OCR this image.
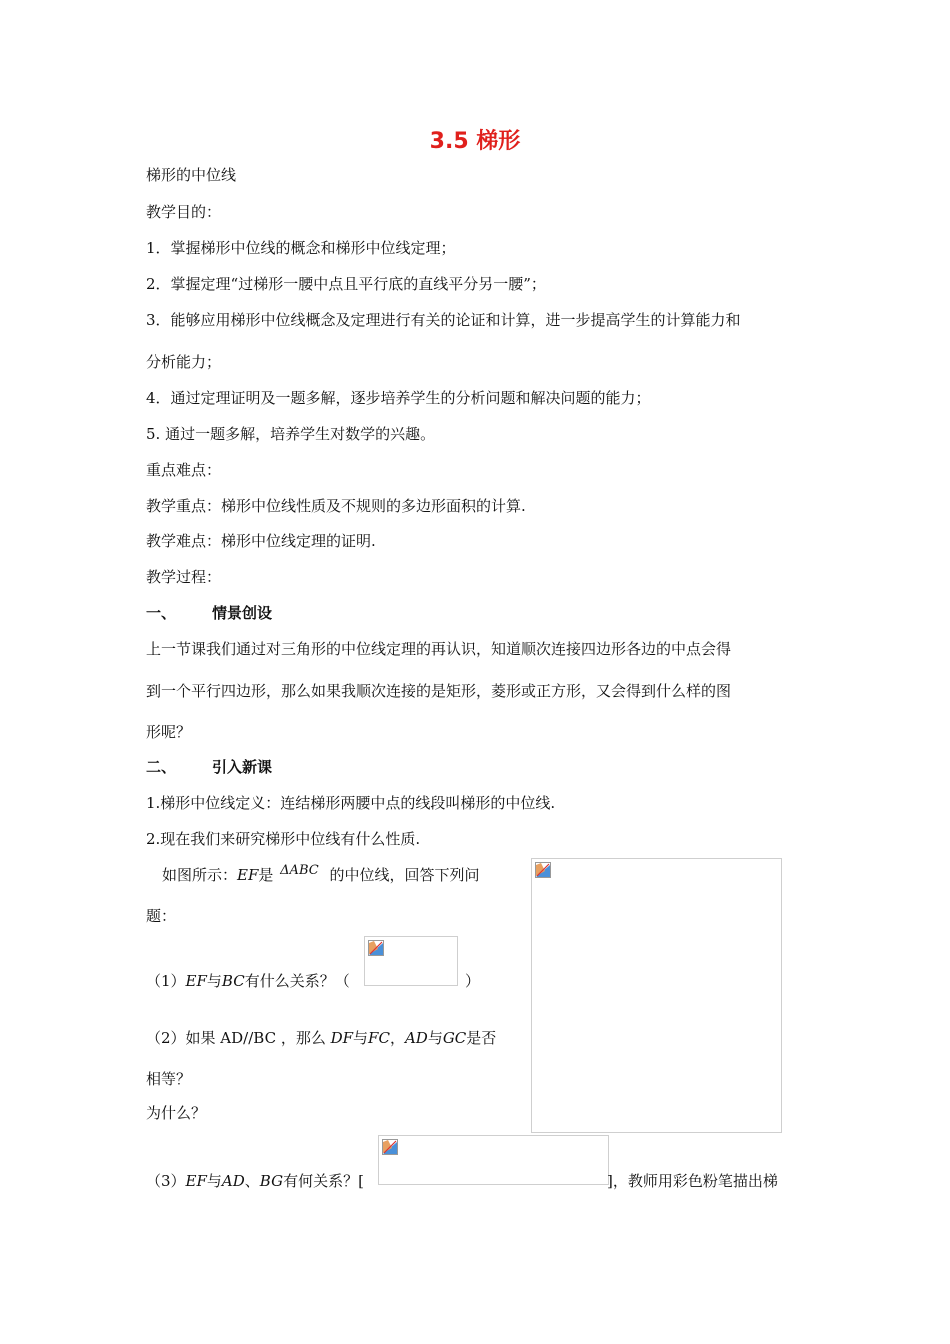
3.5 梯形
梯形的中位线
教学目的：
1．掌握梯形中位线的概念和梯形中位线定理；
2．掌握定理“过梯形一腰中点且平行底的直线平分另一腰”；
3．能够应用梯形中位线概念及定理进行有关的论证和计算，进一步提高学生的计算能力和
分析能力；
4．通过定理证明及一题多解，逐步培养学生的分析问题和解决问题的能力；
5. 通过一题多解，培养学生对数学的兴趣。
重点难点：
教学重点：梯形中位线性质及不规则的多边形面积的计算.
教学难点：梯形中位线定理的证明.
教学过程：
一、 情景创设
上一节课我们通过对三角形的中位线定理的再认识，知道顺次连接四边形各边的中点会得
到一个平行四边形，那么如果我顺次连接的是矩形，菱形或正方形，又会得到什么样的图
形呢？
二、 引入新课
1.梯形中位线定义：连结梯形两腰中点的线段叫梯形的中位线.
2.现在我们来研究梯形中位线有什么性质.
如图所示：EF是 ΔABC 的中位线，回答下列问
题：
（1）EF与BC有什么关系？（	）
（2）如果 AD//BC ，那么 DF与FC，AD与GC是否
相等？
为什么？
（3）EF与AD、BG有何关系？[	]，教师用彩色粉笔描出梯
